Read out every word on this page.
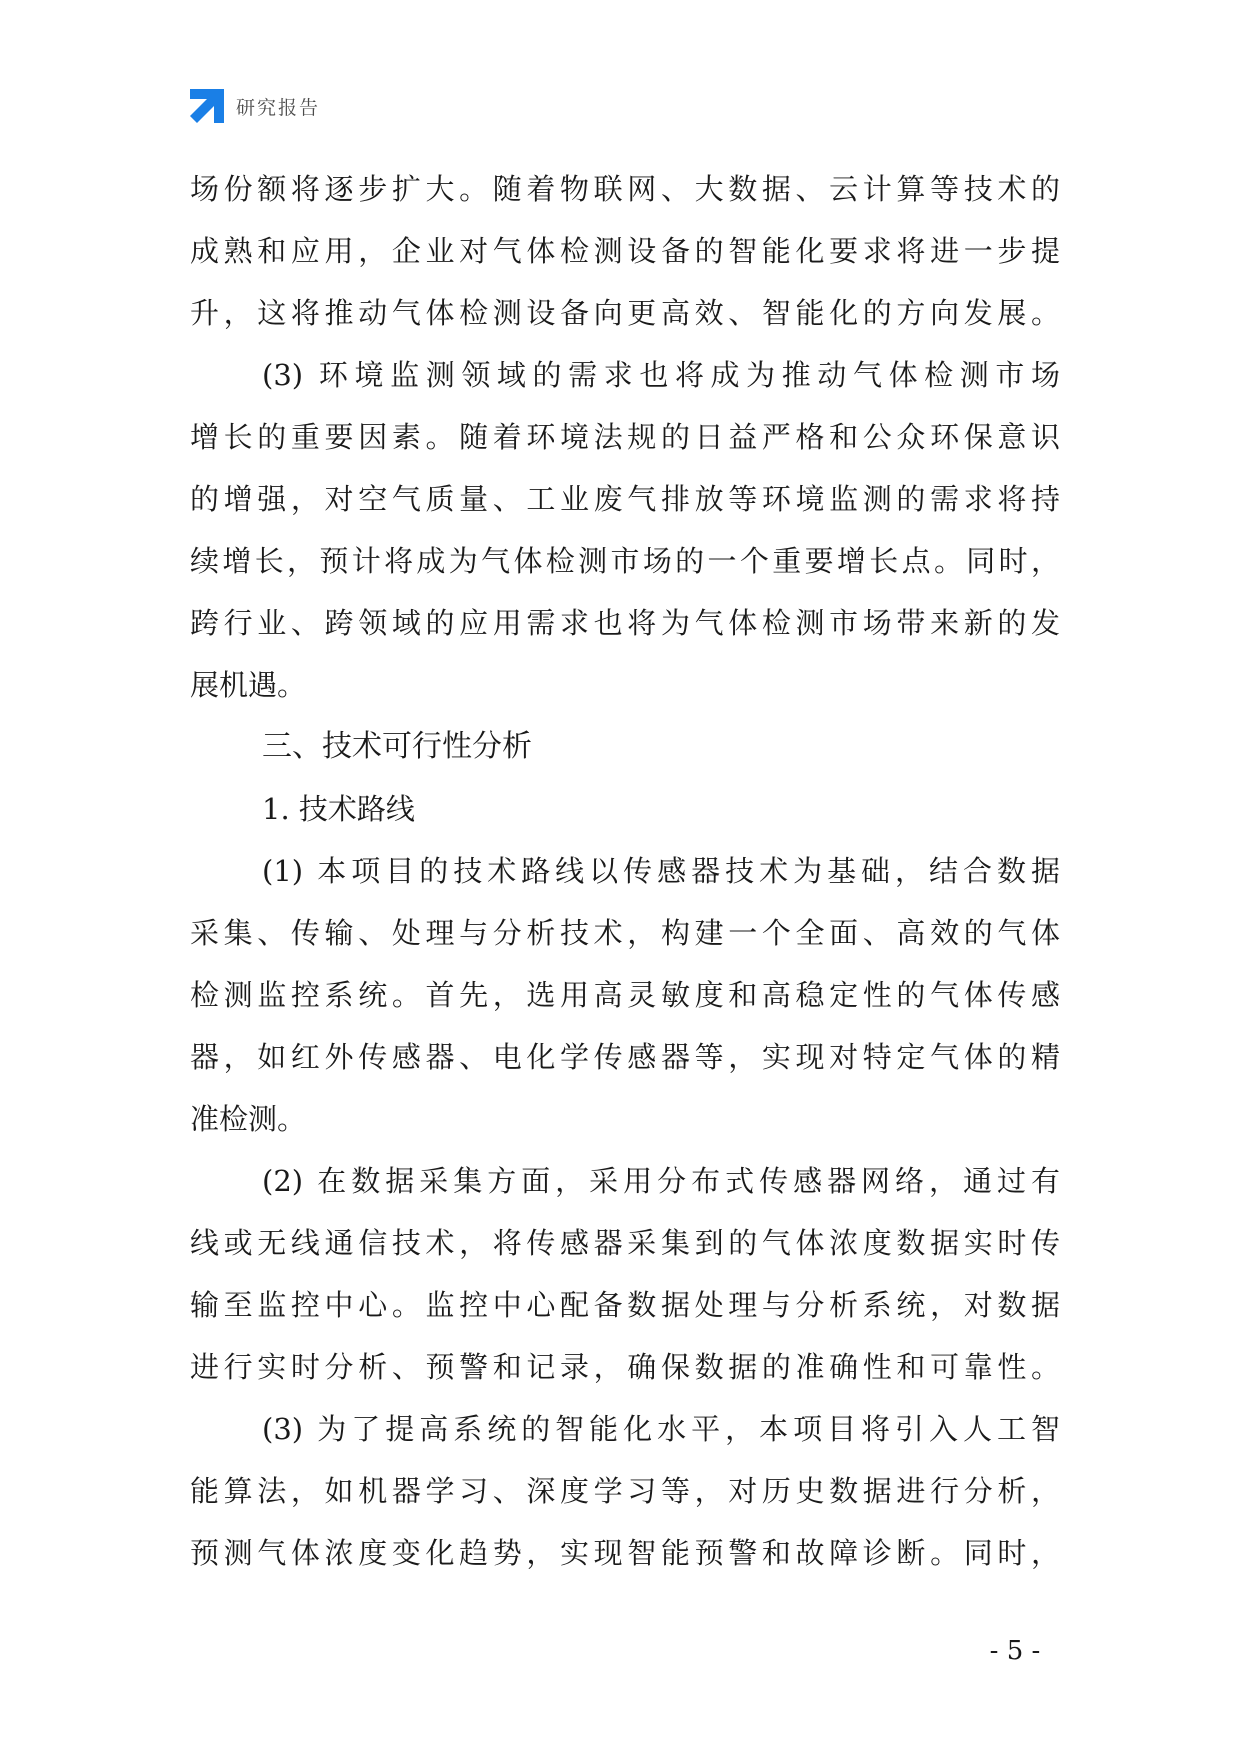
研究报告
场份额将逐步扩大。随着物联网、大数据、云计算等技术的
成熟和应用，企业对气体检测设备的智能化要求将进一步提
升，这将推动气体检测设备向更高效、智能化的方向发展。
(3) 环境监测领域的需求也将成为推动气体检测市场
增长的重要因素。随着环境法规的日益严格和公众环保意识
的增强，对空气质量、工业废气排放等环境监测的需求将持
续增长，预计将成为气体检测市场的一个重要增长点。同时，
跨行业、跨领域的应用需求也将为气体检测市场带来新的发
展机遇。
三、技术可行性分析
1. 技术路线
(1) 本项目的技术路线以传感器技术为基础，结合数据
采集、传输、处理与分析技术，构建一个全面、高效的气体
检测监控系统。首先，选用高灵敏度和高稳定性的气体传感
器，如红外传感器、电化学传感器等，实现对特定气体的精
准检测。
(2) 在数据采集方面，采用分布式传感器网络，通过有
线或无线通信技术，将传感器采集到的气体浓度数据实时传
输至监控中心。监控中心配备数据处理与分析系统，对数据
进行实时分析、预警和记录，确保数据的准确性和可靠性。
(3) 为了提高系统的智能化水平，本项目将引入人工智
能算法，如机器学习、深度学习等，对历史数据进行分析，
预测气体浓度变化趋势，实现智能预警和故障诊断。同时，
- 5 -
